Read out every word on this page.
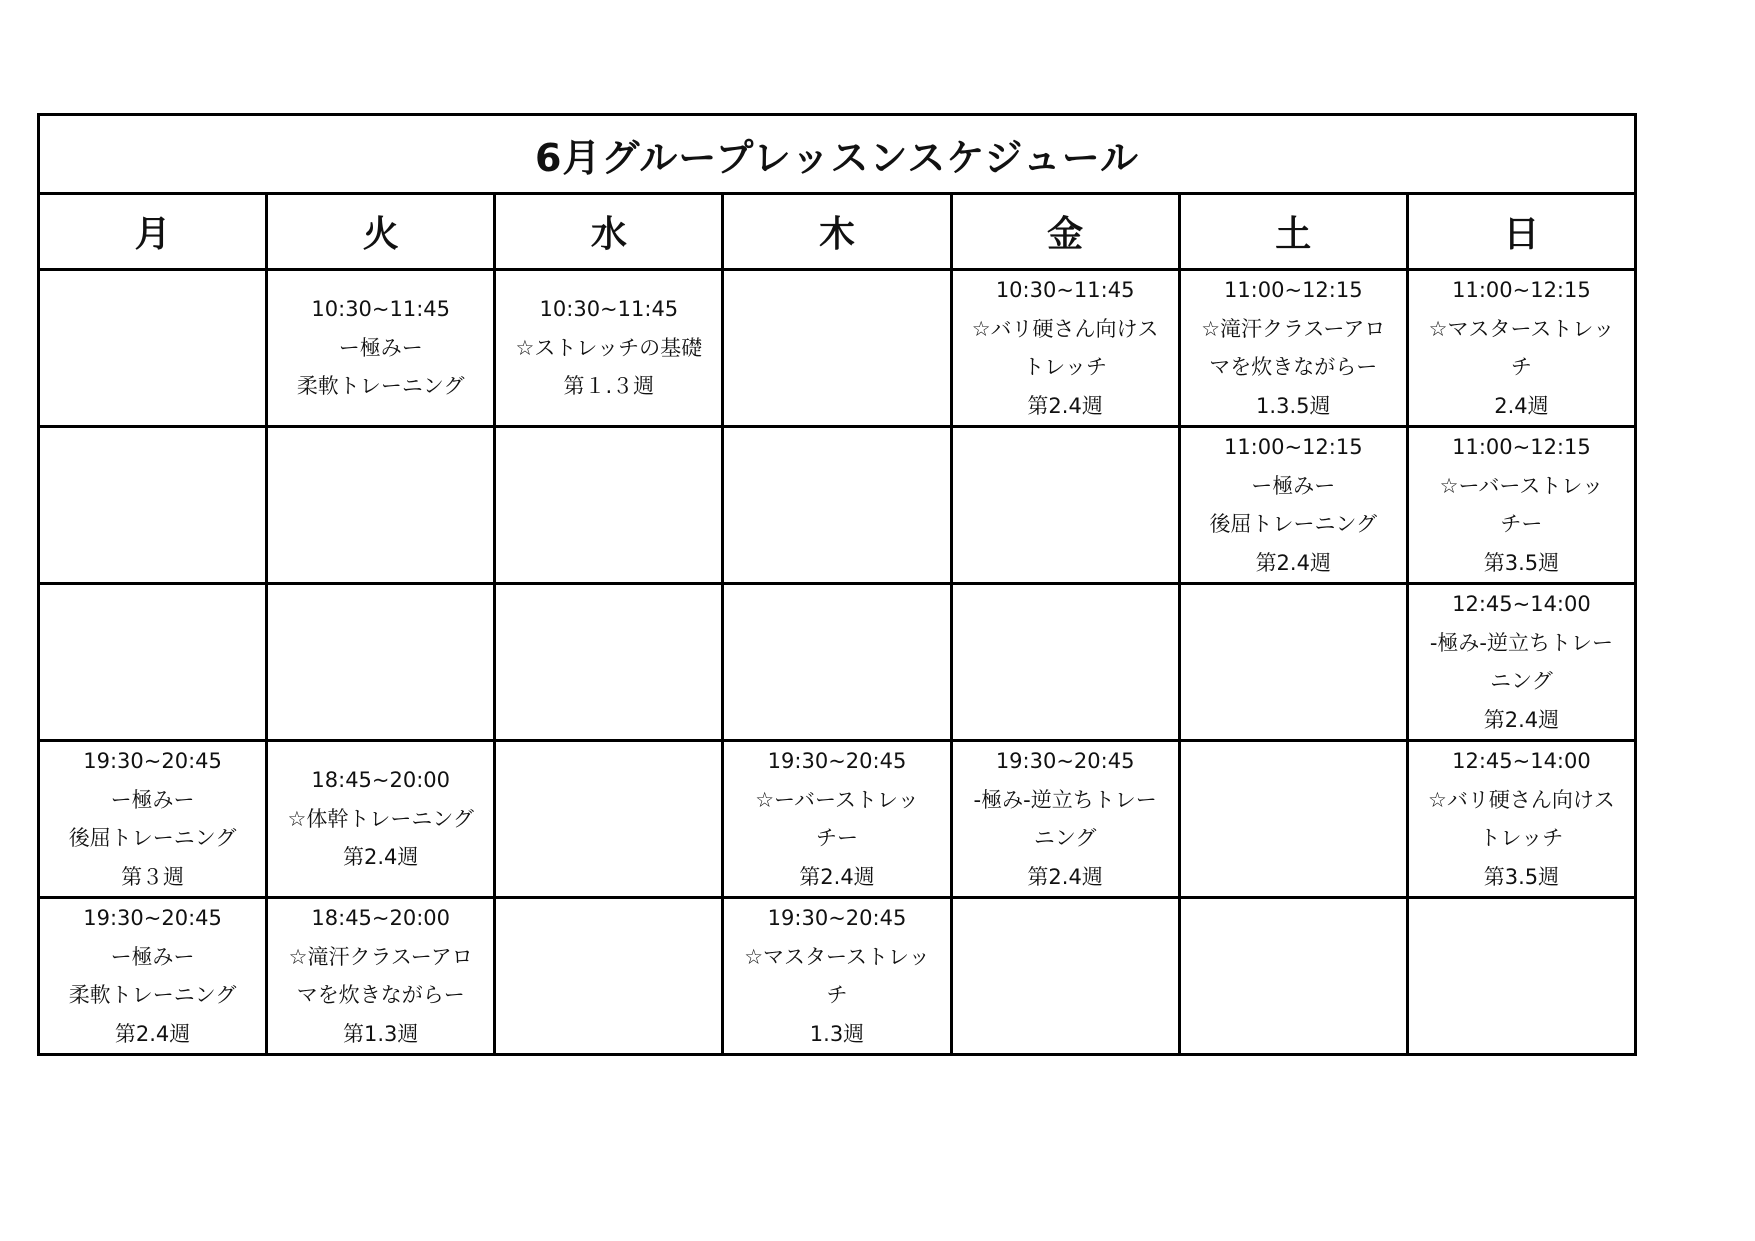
6月グループレッスンスケジュール						
月	火	水	木	金	土	日

	10:30~11:45
ー極みー
柔軟トレーニング	10:30~11:45
☆ストレッチの基礎
第１.３週		10:30~11:45
☆バリ硬さん向けス
トレッチ
第2.4週	11:00~12:15
☆滝汗クラスーアロ
マを炊きながらー
1.3.5週	11:00~12:15
☆マスターストレッ
チ
2.4週

					11:00~12:15
ー極みー
後屈トレーニング
第2.4週	11:00~12:15
☆ーバーストレッ
チー
第3.5週

						12:45~14:00
-極み-逆立ちトレー
ニング
第2.4週

19:30~20:45
ー極みー
後屈トレーニング
第３週	18:45~20:00
☆体幹トレーニング
第2.4週		19:30~20:45
☆ーバーストレッ
チー
第2.4週	19:30~20:45
-極み-逆立ちトレー
ニング
第2.4週		12:45~14:00
☆バリ硬さん向けス
トレッチ
第3.5週

19:30~20:45
ー極みー
柔軟トレーニング
第2.4週	18:45~20:00
☆滝汗クラスーアロ
マを炊きながらー
第1.3週		19:30~20:45
☆マスターストレッ
チ
1.3週			
